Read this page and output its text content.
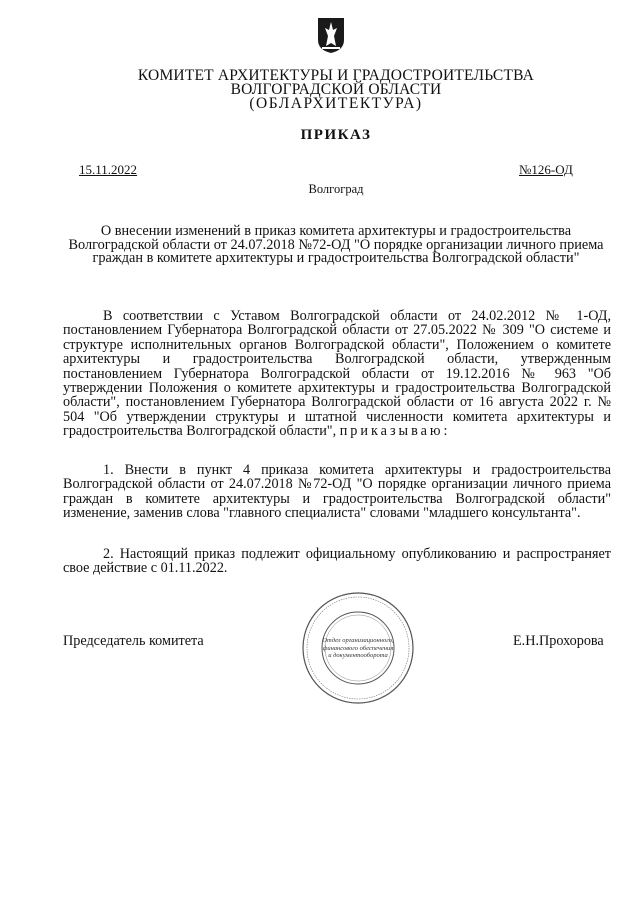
КОМИТЕТ АРХИТЕКТУРЫ И ГРАДОСТРОИТЕЛЬСТВА
ВОЛГОГРАДСКОЙ ОБЛАСТИ
(ОБЛАРХИТЕКТУРА)
ПРИКАЗ
15.11.2022	№126-ОД
Волгоград
О внесении изменений в приказ комитета архитектуры и градостроительства Волгоградской области от 24.07.2018 №72-ОД "О порядке организации личного приема граждан в комитете архитектуры и градостроительства Волгоградской области"
В соответствии с Уставом Волгоградской области от 24.02.2012 № 1-ОД, постановлением Губернатора Волгоградской области от 27.05.2022 № 309 "О системе и структуре исполнительных органов Волгоградской области", Положением о комитете архитектуры и градостроительства Волгоградской области, утвержденным постановлением Губернатора Волгоградской области от 19.12.2016 № 963 "Об утверждении Положения о комитете архитектуры и градостроительства Волгоградской области", постановлением Губернатора Волгоградской области от 16 августа 2022 г. № 504 "Об утверждении структуры и штатной численности комитета архитектуры и градостроительства Волгоградской области", приказываю:
1. Внести в пункт 4 приказа комитета архитектуры и градостроительства Волгоградской области от 24.07.2018 №72-ОД "О порядке организации личного приема граждан в комитете архитектуры и градостроительства Волгоградской области" изменение, заменив слова "главного специалиста" словами "младшего консультанта".
2. Настоящий приказ подлежит официальному опубликованию и распространяет свое действие с 01.11.2022.
Отдел организационного, финансового обеспечения и документооборота
Председатель комитета	Е.Н.Прохорова
